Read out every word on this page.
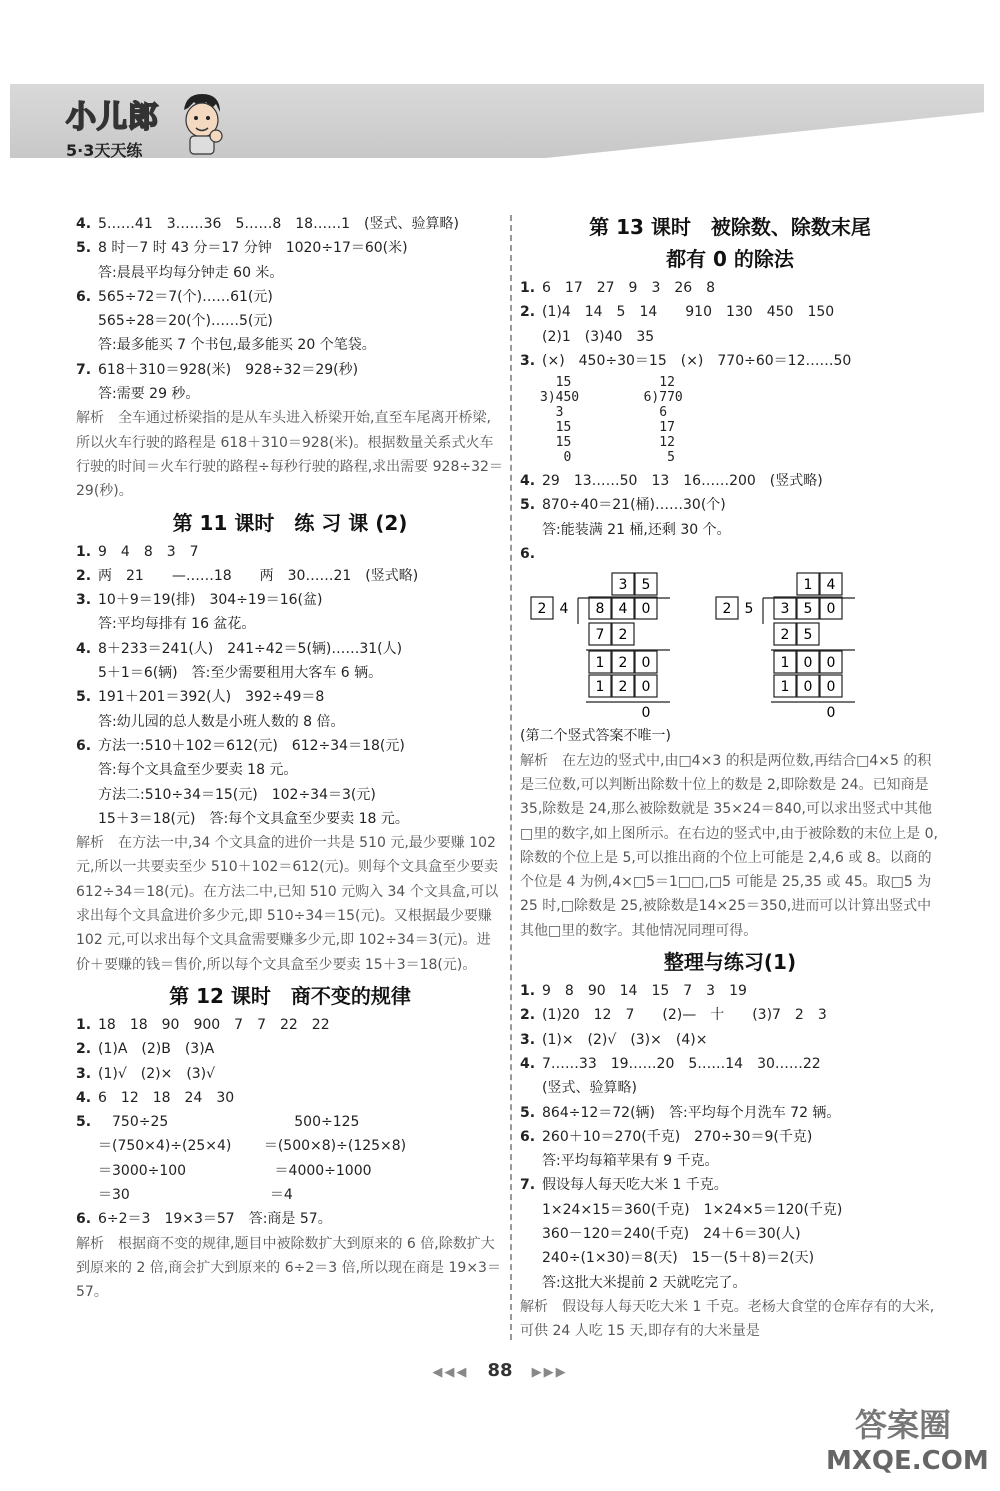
小儿郎
5·3天天练
4. 5……41　3……36　5……8　18……1　(竖式、验算略)
5. 8 时－7 时 43 分＝17 分钟　1020÷17＝60(米)
答:晨晨平均每分钟走 60 米。
6. 565÷72＝7(个)……61(元)
565÷28＝20(个)……5(元)
答:最多能买 7 个书包,最多能买 20 个笔袋。
7. 618＋310＝928(米)　928÷32＝29(秒)
答:需要 29 秒。
解析　全车通过桥梁指的是从车头进入桥梁开始,直至车尾离开桥梁,所以火车行驶的路程是 618＋310＝928(米)。根据数量关系式火车行驶的时间＝火车行驶的路程÷每秒行驶的路程,求出需要 928÷32＝29(秒)。
第 11 课时　练 习 课 (2)
1. 9　4　8　3　7
2. 两　21　　—……18　　两　30……21　(竖式略)
3. 10＋9＝19(排)　304÷19＝16(盆)
答:平均每排有 16 盆花。
4. 8＋233＝241(人)　241÷42＝5(辆)……31(人)
5＋1＝6(辆)　答:至少需要租用大客车 6 辆。
5. 191＋201＝392(人)　392÷49＝8
答:幼儿园的总人数是小班人数的 8 倍。
6. 方法一:510＋102＝612(元)　612÷34＝18(元)
答:每个文具盒至少要卖 18 元。
方法二:510÷34＝15(元)　102÷34＝3(元)
15＋3＝18(元)　答:每个文具盒至少要卖 18 元。
解析　在方法一中,34 个文具盒的进价一共是 510 元,最少要赚 102 元,所以一共要卖至少 510＋102＝612(元)。则每个文具盒至少要卖 612÷34＝18(元)。在方法二中,已知 510 元购入 34 个文具盒,可以求出每个文具盒进价多少元,即 510÷34＝15(元)。又根据最少要赚 102 元,可以求出每个文具盒需要赚多少元,即 102÷34＝3(元)。进价＋要赚的钱＝售价,所以每个文具盒至少要卖 15＋3＝18(元)。
第 12 课时　商不变的规律
1. 18　18　90　900　7　7　22　22
2. (1)A　(2)B　(3)A
3. (1)√　(2)×　(3)√
4. 6　12　18　24　30
5.　750÷25　　　　　　　　　500÷125
＝(750×4)÷(25×4)　　 ＝(500×8)÷(125×8)
＝3000÷100　　　　　　 ＝4000÷1000
＝30　　　　　　　　　　＝4
6. 6÷2＝3　19×3＝57　答:商是 57。
解析　根据商不变的规律,题目中被除数扩大到原来的 6 倍,除数扩大到原来的 2 倍,商会扩大到原来的 6÷2＝3 倍,所以现在商是 19×3＝57。
第 13 课时　被除数、除数末尾
都有 0 的除法
1. 6　17　27　9　3　26　8
2. (1)4　14　5　14　　910　130　450　150
(2)1　(3)40　35
3. (×)　450÷30＝15　(×)　770÷60＝12……50
15
3)450
3
15
15
0   12
6)770
6
17
12
5
4. 29　13……50　13　16……200　(竖式略)
5. 870÷40＝21(桶)……30(个)
答:能装满 21 桶,还剩 30 个。
6.
3 5
2 4 8 4 0
7 2
1 2 0
1 2 0
0
1 4
2 5 3 5 0
2 5
1 0 0
1 0 0
0
(第二个竖式答案不唯一)
解析　在左边的竖式中,由□4×3 的积是两位数,再结合□4×5 的积是三位数,可以判断出除数十位上的数是 2,即除数是 24。已知商是 35,除数是 24,那么被除数就是 35×24＝840,可以求出竖式中其他□里的数字,如上图所示。在右边的竖式中,由于被除数的末位上是 0,除数的个位上是 5,可以推出商的个位上可能是 2,4,6 或 8。以商的个位是 4 为例,4×□5＝1□□,□5 可能是 25,35 或 45。取□5 为 25 时,□除数是 25,被除数是14×25＝350,进而可以计算出竖式中其他□里的数字。其他情况同理可得。
整理与练习(1)
1. 9　8　90　14　15　7　3　19
2. (1)20　12　7　　(2)—　十　　(3)7　2　3
3. (1)×　(2)√　(3)×　(4)×
4. 7……33　19……20　5……14　30……22
(竖式、验算略)
5. 864÷12＝72(辆)　答:平均每个月洗车 72 辆。
6. 260＋10＝270(千克)　270÷30＝9(千克)
答:平均每箱苹果有 9 千克。
7. 假设每人每天吃大米 1 千克。
1×24×15＝360(千克)　1×24×5＝120(千克)
360－120＝240(千克)　24＋6＝30(人)
240÷(1×30)＝8(天)　15－(5＋8)＝2(天)
答:这批大米提前 2 天就吃完了。
解析　假设每人每天吃大米 1 千克。老杨大食堂的仓库存有的大米,可供 24 人吃 15 天,即存有的大米量是
◀◀◀ 88 ▶▶▶
答案圈
MXQE.COM
